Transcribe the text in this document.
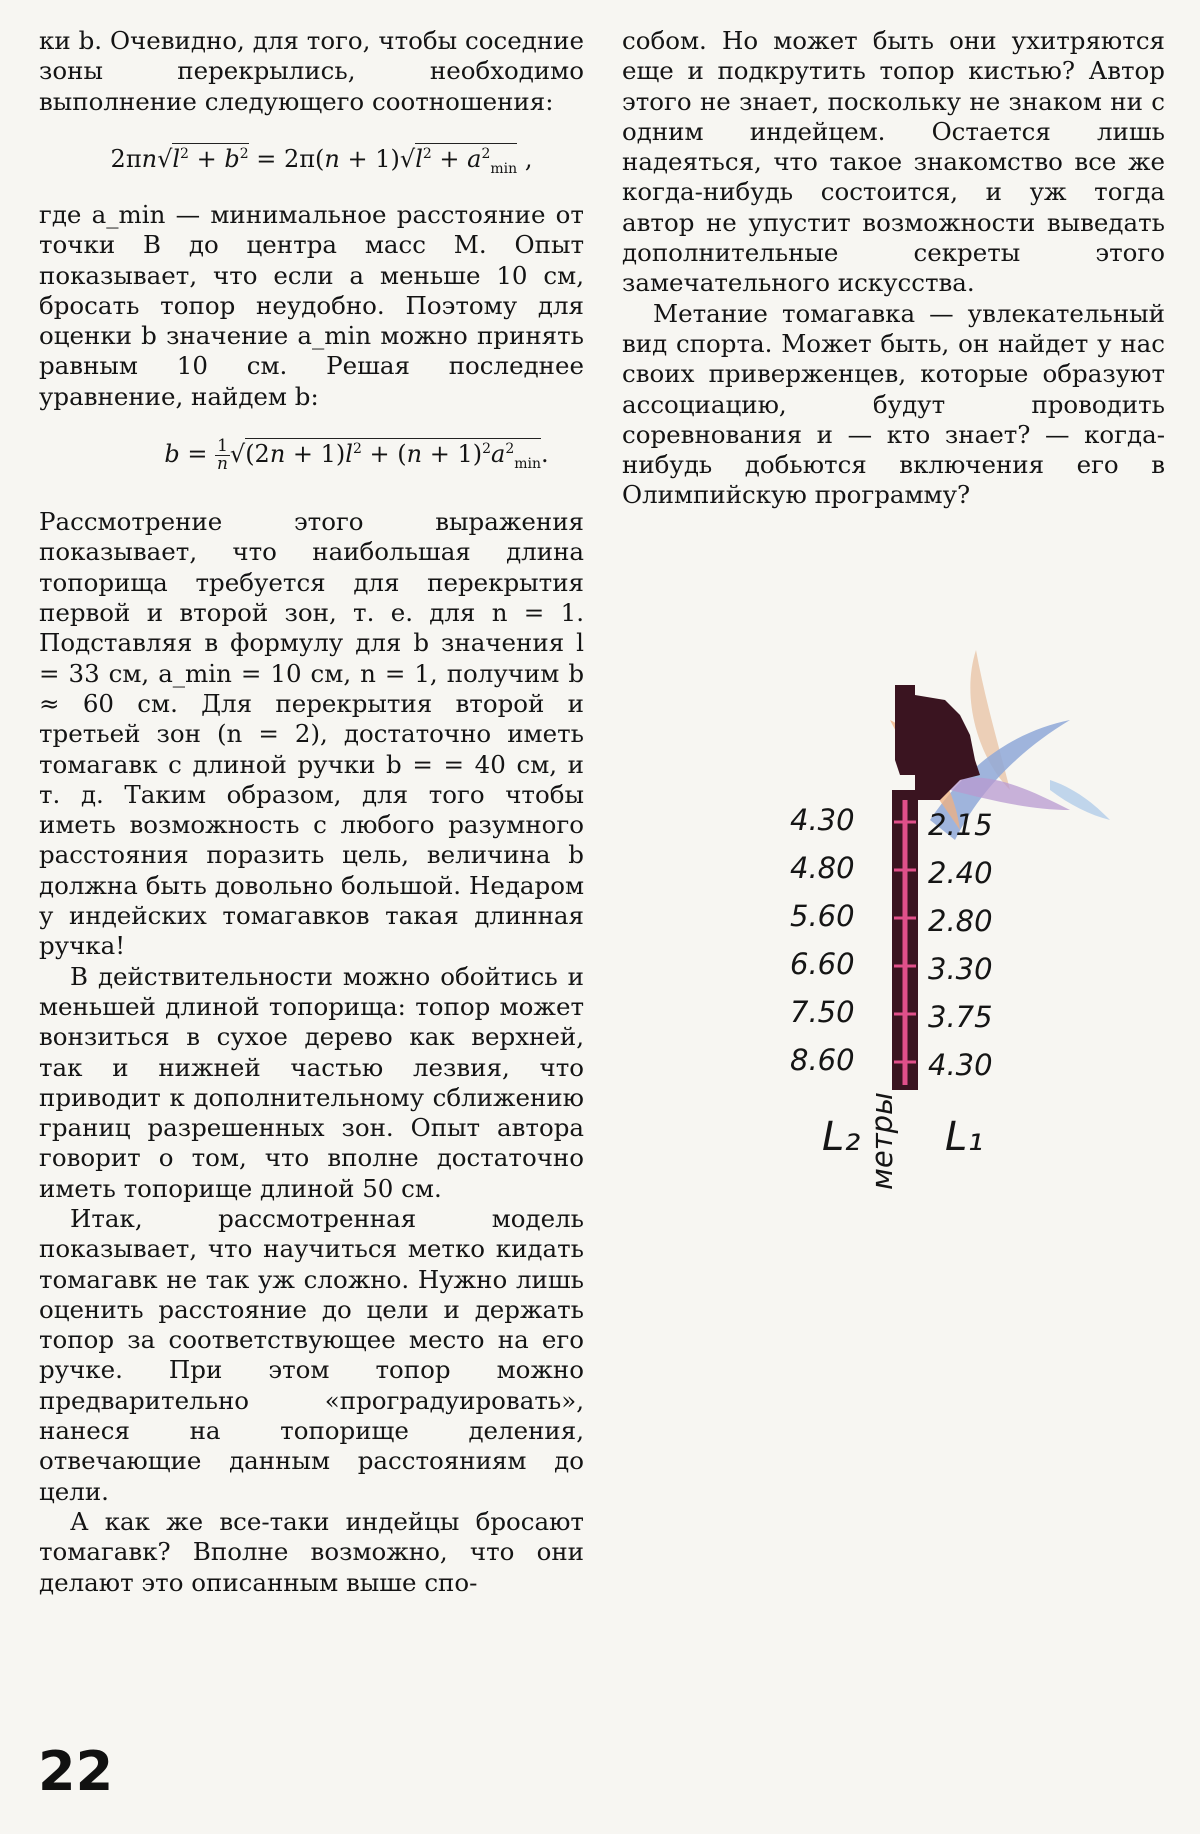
ки b. Очевидно, для того, чтобы соседние зоны перекрылись, необходимо выполнение следующего соотношения:

$2\pi n√l^2 + b^2 = 2\pi(n + 1)√l^2 + a^2_{min}$ ,

где a_min — минимальное расстояние от точки B до центра масс M. Опыт показывает, что если a меньше 10 см, бросать топор неудобно. Поэтому для оценки b значение a_min можно принять равным 10 см. Решая последнее уравнение, найдем b:

$b = \frac{1}{n} √(2n + 1)l^2 + (n + 1)^2a^2_{min}$.

Рассмотрение этого выражения показывает, что наибольшая длина топорища требуется для перекрытия первой и второй зон, т. е. для n = 1. Подставляя в формулу для b значения l = 33 см, a_min = 10 см, n = 1, получим b ≈ 60 см. Для перекрытия второй и третьей зон (n = 2), достаточно иметь томагавк с длиной ручки b = = 40 см, и т. д. Таким образом, для того чтобы иметь возможность с любого разумного расстояния поразить цель, величина b должна быть довольно большой. Недаром у индейских томагавков такая длинная ручка!

В действительности можно обойтись и меньшей длиной топорища: топор может вонзиться в сухое дерево как верхней, так и нижней частью лезвия, что приводит к дополнительному сближению границ разрешенных зон. Опыт автора говорит о том, что вполне достаточно иметь топорище длиной 50 см.

Итак, рассмотренная модель показывает, что научиться метко кидать томагавк не так уж сложно. Нужно лишь оценить расстояние до цели и держать топор за соответствующее место на его ручке. При этом топор можно предварительно «проградуировать», нанеся на топорище деления, отвечающие данным расстояниям до цели.

А как же все-таки индейцы бросают томагавк? Вполне возможно, что они делают это описанным выше спо-

собом. Но может быть они ухитряются еще и подкрутить топор кистью? Автор этого не знает, поскольку не знаком ни с одним индейцем. Остается лишь надеяться, что такое знакомство все же когда-нибудь состоится, и уж тогда автор не упустит возможности выведать дополнительные секреты этого замечательного искусства.

Метание томагавка — увлекательный вид спорта. Может быть, он найдет у нас своих приверженцев, которые образуют ассоциацию, будут проводить соревнования и — кто знает? — когда-нибудь добьются включения его в Олимпийскую программу?

4.30
4.80
5.60
6.60
7.50
8.60
2.15
2.40
2.80
3.30
3.75
4.30
L₂ метры L₁
22
